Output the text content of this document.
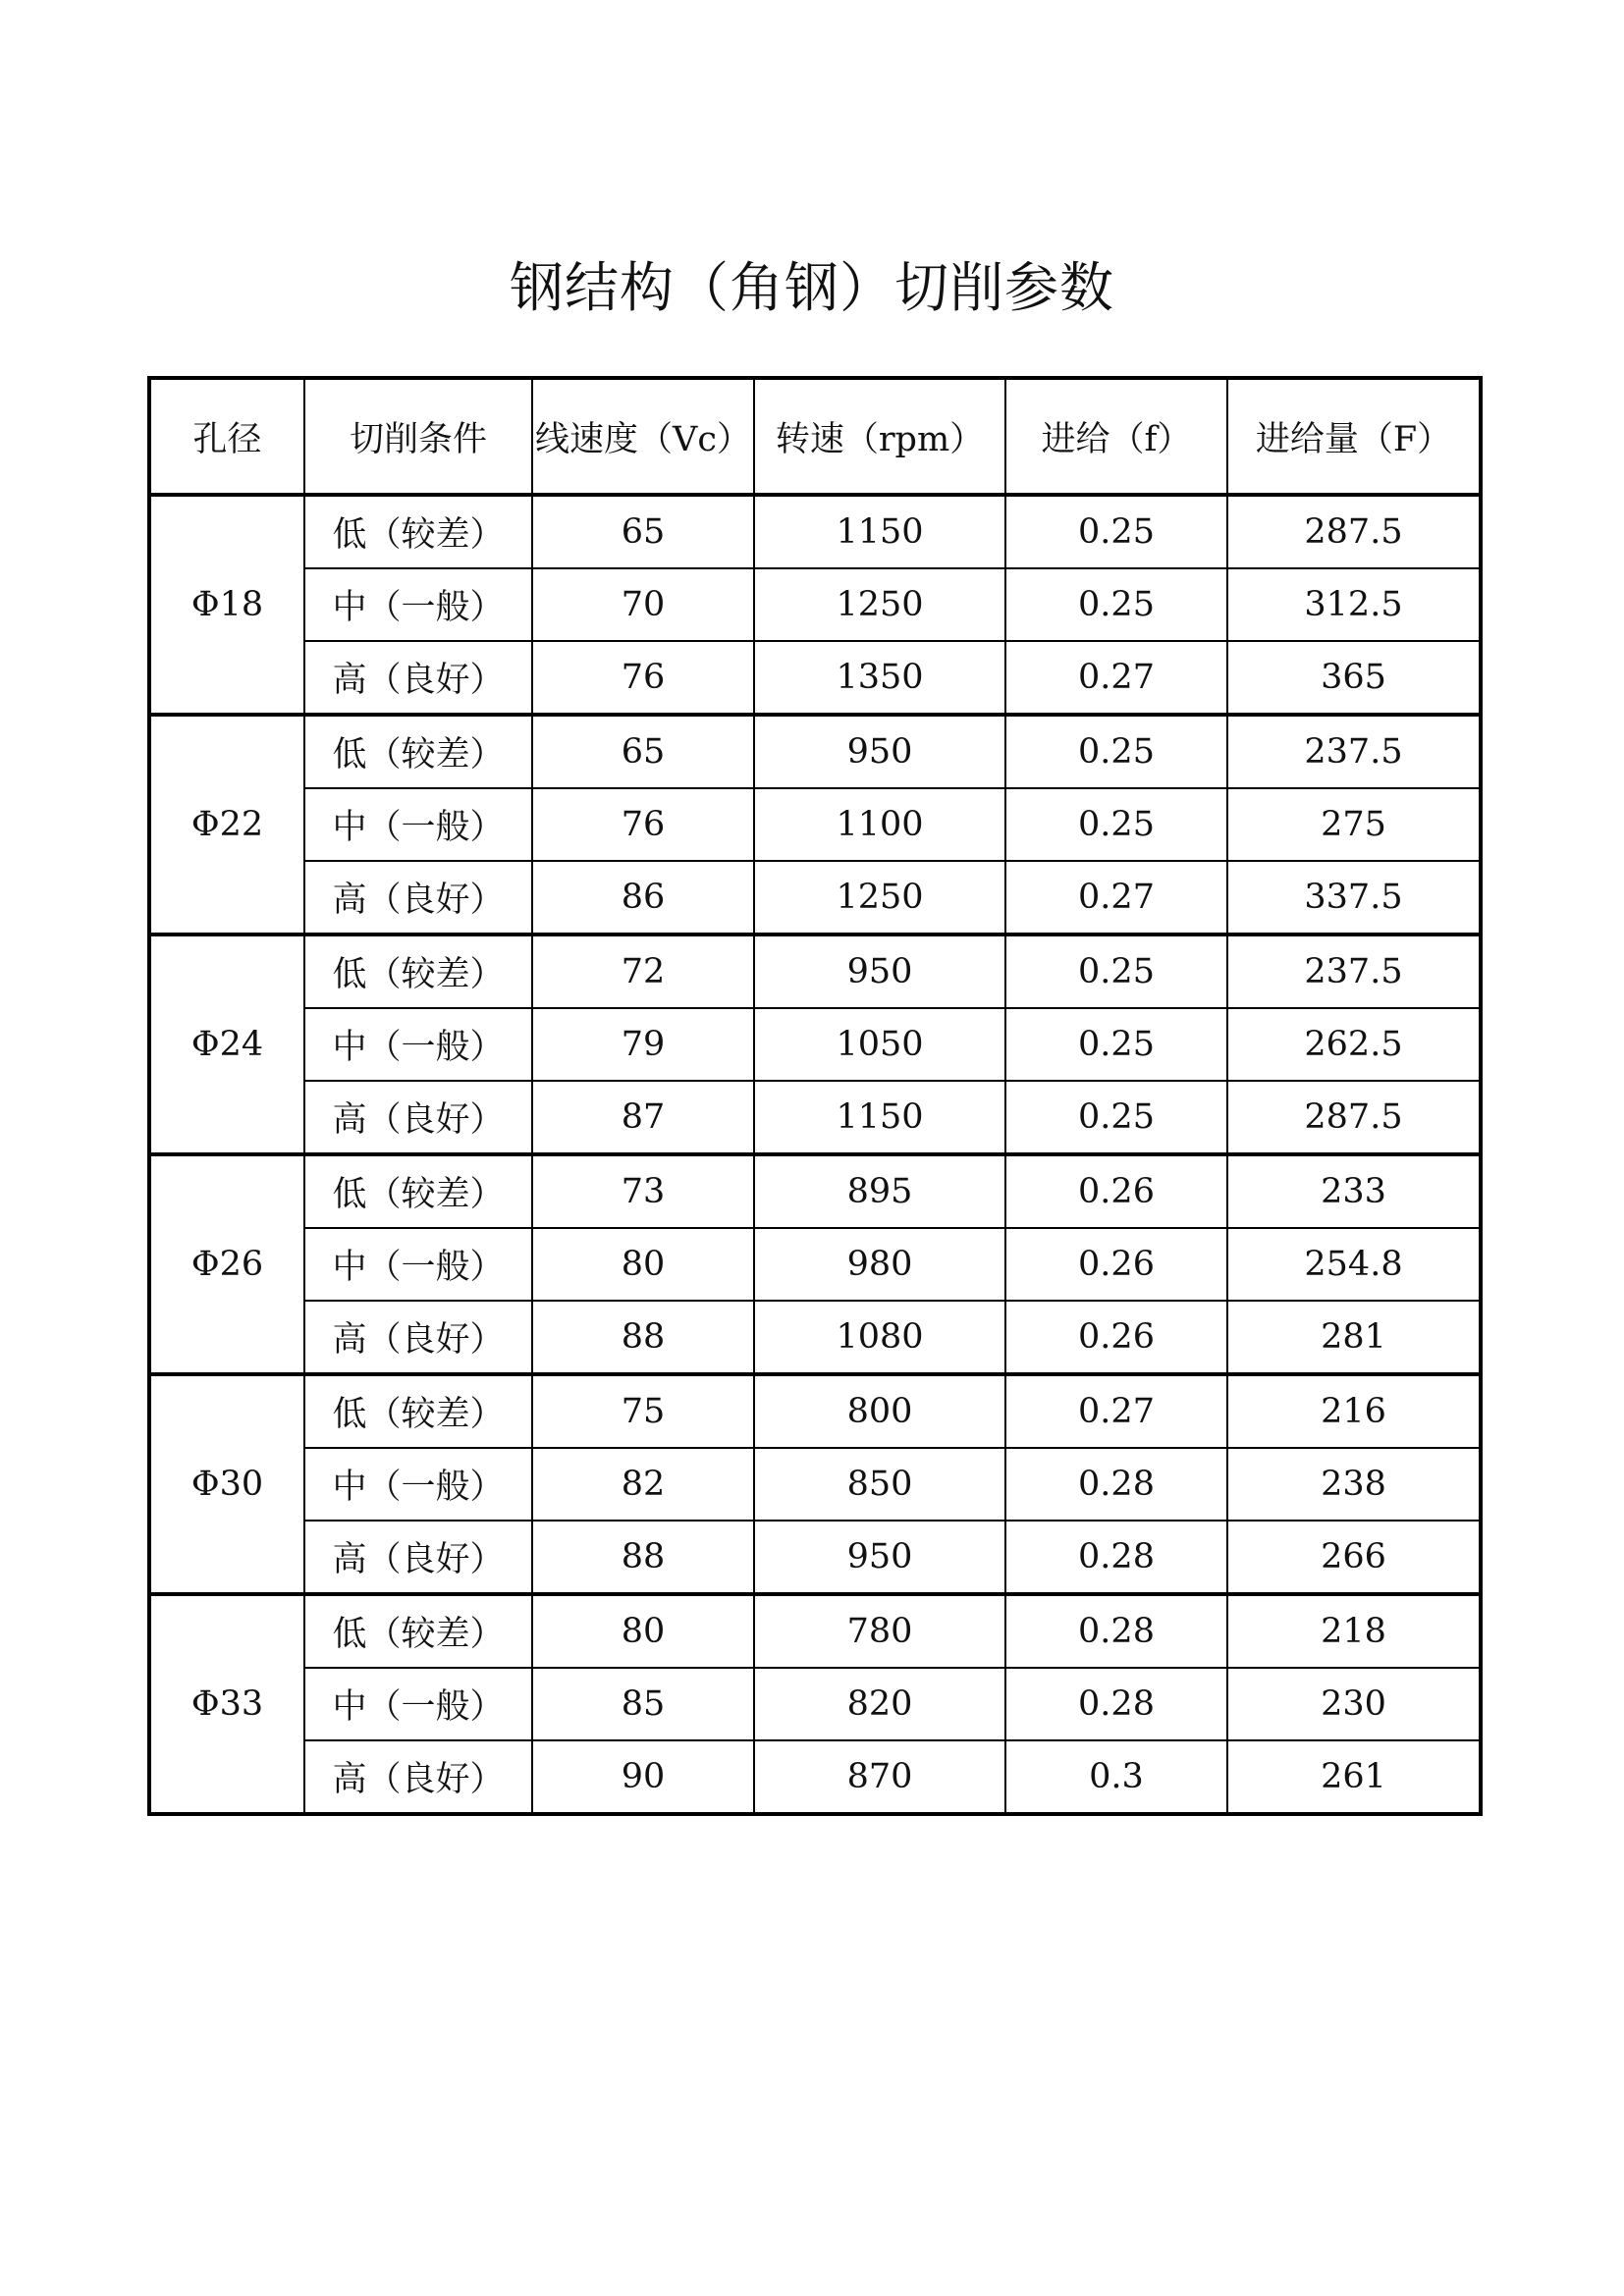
钢结构（角钢）切削参数
孔径	切削条件	线速度（Vc）	转速（rpm）	进给（f）	进给量（F）
Φ18	低（较差）	65	1150	0.25	287.5
	中（一般）	70	1250	0.25	312.5
	高（良好）	76	1350	0.27	365
Φ22	低（较差）	65	950	0.25	237.5
	中（一般）	76	1100	0.25	275
	高（良好）	86	1250	0.27	337.5
Φ24	低（较差）	72	950	0.25	237.5
	中（一般）	79	1050	0.25	262.5
	高（良好）	87	1150	0.25	287.5
Φ26	低（较差）	73	895	0.26	233
	中（一般）	80	980	0.26	254.8
	高（良好）	88	1080	0.26	281
Φ30	低（较差）	75	800	0.27	216
	中（一般）	82	850	0.28	238
	高（良好）	88	950	0.28	266
Φ33	低（较差）	80	780	0.28	218
	中（一般）	85	820	0.28	230
	高（良好）	90	870	0.3	261
